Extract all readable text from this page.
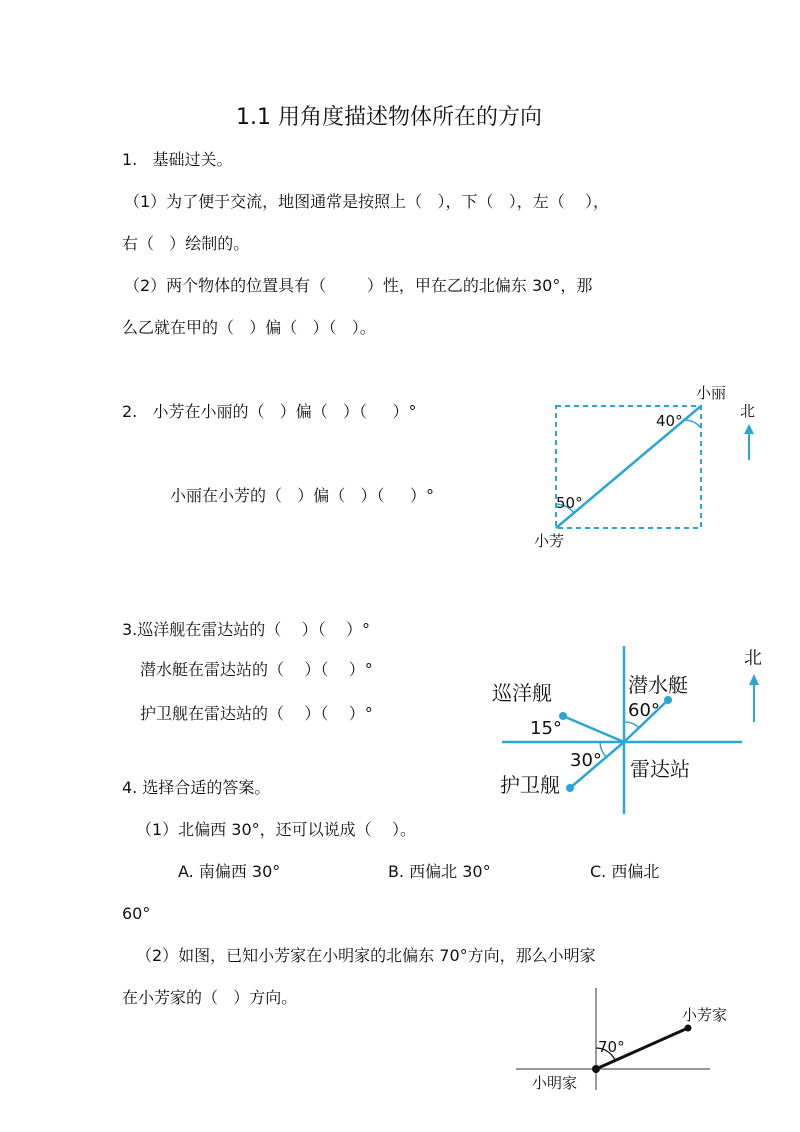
1.1 用角度描述物体所在的方向
1.   基础过关。
（1）为了便于交流，地图通常是按照上（   ），下（   ），左（    ），
右（   ）绘制的。
（2）两个物体的位置具有（        ）性，甲在乙的北偏东 30°，那
么乙就在甲的（   ）偏（   ）（   ）。
2.   小芳在小丽的（   ）偏（   ）（     ）°
小丽在小芳的（   ）偏（   ）（     ）°
40°
50°
小丽
小芳
北
3.巡洋舰在雷达站的（    ）（    ）°
潜水艇在雷达站的（    ）（    ）°
护卫舰在雷达站的（    ）（    ）°
潜水艇
60°
巡洋舰
15°
30°
护卫舰
雷达站
北
4. 选择合适的答案。
（1）北偏西 30°，还可以说成（    ）。
A. 南偏西 30°	B. 西偏北 30°	C. 西偏北
60°
（2）如图，已知小芳家在小明家的北偏东 70°方向，那么小明家
在小芳家的（   ）方向。
70°
小芳家
小明家
